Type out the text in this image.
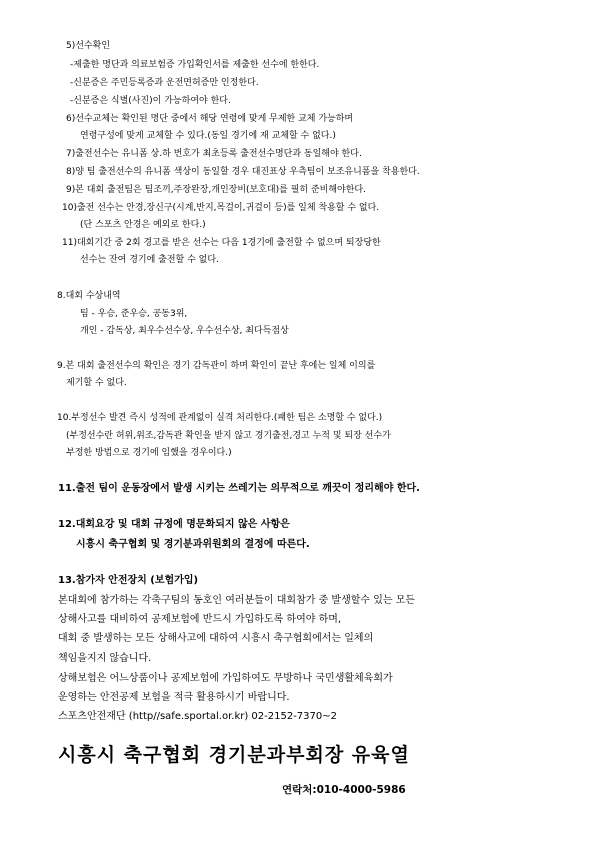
5)선수확인
-제출한 명단과 의료보험증 가입확인서를 제출한 선수에 한한다.
-신분증은 주민등록증과 운전면허증만 인정한다.
-신분증은 식별(사진)이 가능하여야 한다.
6)선수교체는 확인된 명단 중에서 해당 연령에 맞게 무제한 교체 가능하며
연령구성에 맞게 교체할 수 있다.(동일 경기에 재 교체할 수 없다.)
7)출전선수는 유니폼 상.하 번호가 최초등록 출전선수명단과 동일해야 한다.
8)양 팀 출전선수의 유니폼 색상이 동일할 경우 대진표상 우측팀이 보조유니폼을 착용한다.
9)본 대회 출전팀은 팀조끼,주장완장,개인장비(보호대)를 필히 준비해야한다.
10)출전 선수는 안경,장신구(시계,반지,목걸이,귀걸이 등)를 일체 착용할 수 없다.
(단 스포츠 안경은 예외로 한다.)
11)대회기간 중 2회 경고를 받은 선수는 다음 1경기에 출전할 수 없으며 퇴장당한
선수는 잔여 경기에 출전할 수 없다.
8.대회 수상내역
팀 - 우승, 준우승, 공동3위,
개인 - 감독상, 최우수선수상, 우수선수상, 최다득점상
9.본 대회 출전선수의 확인은 경기 감독관이 하며 확인이 끝난 후에는 일체 이의를
제기할 수 없다.
10.부정선수 발견 즉시 성적에 관계없이 실격 처리한다.(패한 팀은 소명할 수 없다.)
(부정선수란 허위,위조,감독관 확인을 받지 않고 경기출전,경고 누적 및 퇴장 선수가
부정한 방법으로 경기에 임했을 경우이다.)
11.출전 팀이 운동장에서 발생 시키는 쓰레기는 의무적으로 깨끗이 정리해야 한다.
12.대회요강 및 대회 규정에 명문화되지 않은 사항은
시흥시 축구협회 및 경기분과위원회의 결정에 따른다.
13.참가자 안전장치 (보험가입)
본대회에 참가하는 각축구팀의 동호인 여러분들이 대회참가 중 발생할수 있는 모든
상해사고를 대비하여 공제보험에 반드시 가입하도록 하여야 하며,
대회 중 발생하는 모든 상해사고에 대하여 시흥시 축구협회에서는 일체의
책임을지지 않습니다.
상해보험은 어느상품이나 공제보험에 가입하여도 무방하나 국민생활체육회가
운영하는 안전공제 보험을 적극 활용하시기 바랍니다.
스포츠안전재단 (http//safe.sportal.or.kr) 02-2152-7370~2
시흥시 축구협회 경기분과부회장 유육열
연락처:010-4000-5986
